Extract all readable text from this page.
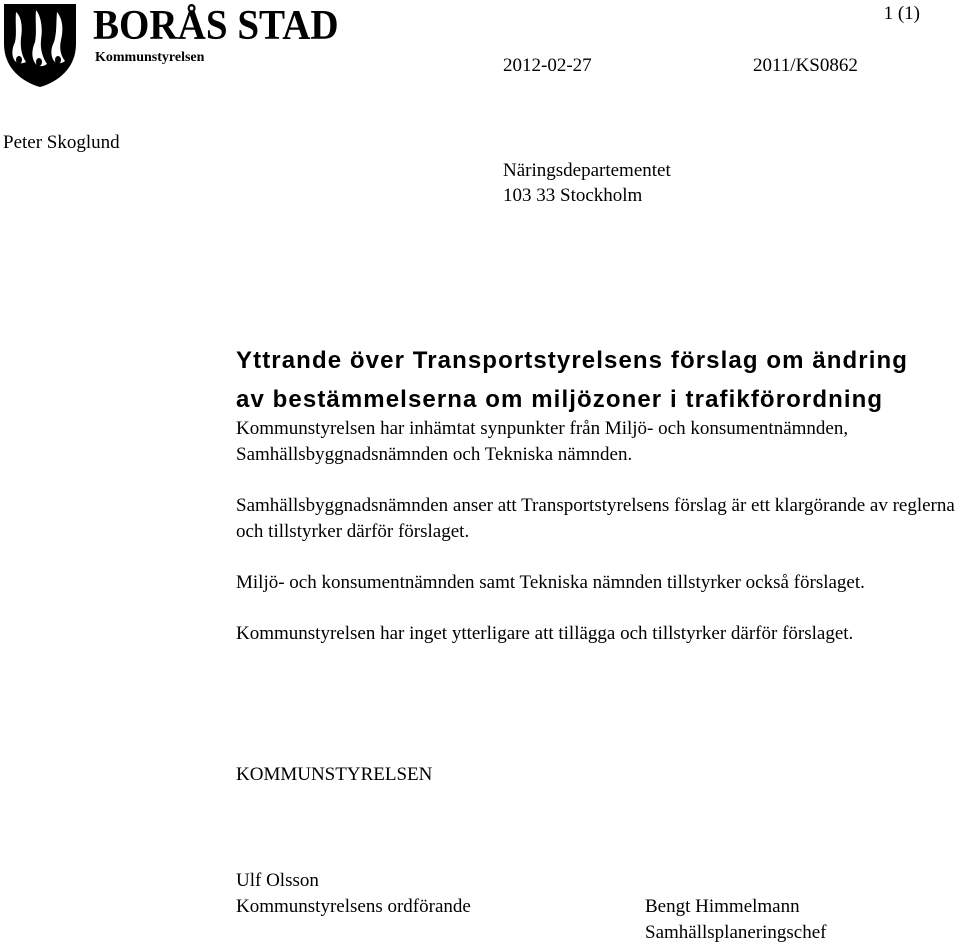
BORÅS STAD
Kommunstyrelsen
1 (1)
2012-02-27	2011/KS0862
Peter Skoglund
Näringsdepartementet
103 33 Stockholm
Yttrande över Transportstyrelsens förslag om ändring av bestämmelserna om miljözoner i trafikförordning

Kommunstyrelsen har inhämtat synpunkter från Miljö- och konsumentnämnden, Samhällsbyggnadsnämnden och Tekniska nämnden.

Samhällsbyggnadsnämnden anser att Transportstyrelsens förslag är ett klargörande av reglerna och tillstyrker därför förslaget.

Miljö- och konsumentnämnden samt Tekniska nämnden tillstyrker också förslaget.

Kommunstyrelsen har inget ytterligare att tillägga och tillstyrker därför förslaget.

KOMMUNSTYRELSEN
Ulf Olsson
Kommunstyrelsens ordförande	Bengt Himmelmann
Samhällsplaneringschef
